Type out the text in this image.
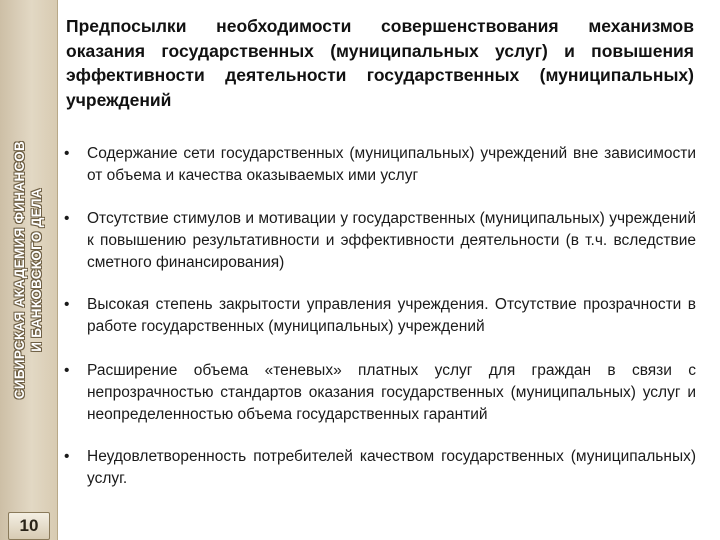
СИБИРСКАЯ АКАДЕМИЯ ФИНАНСОВ И БАНКОВСКОГО ДЕЛА
10
Предпосылки необходимости совершенствования механизмов оказания государственных (муниципальных услуг) и повышения эффективности деятельности государственных (муниципальных) учреждений
• Содержание сети государственных (муниципальных) учреждений вне зависимости от объема и качества оказываемых ими услуг
• Отсутствие стимулов и мотивации у государственных (муниципальных) учреждений к повышению результативности и эффективности деятельности (в т.ч. вследствие сметного финансирования)
• Высокая степень закрытости управления учреждения. Отсутствие прозрачности в работе государственных (муниципальных) учреждений
• Расширение объема «теневых» платных услуг для граждан в связи с непрозрачностью стандартов оказания государственных (муниципальных) услуг и неопределенностью объема государственных гарантий
• Неудовлетворенность потребителей качеством государственных (муниципальных) услуг.
